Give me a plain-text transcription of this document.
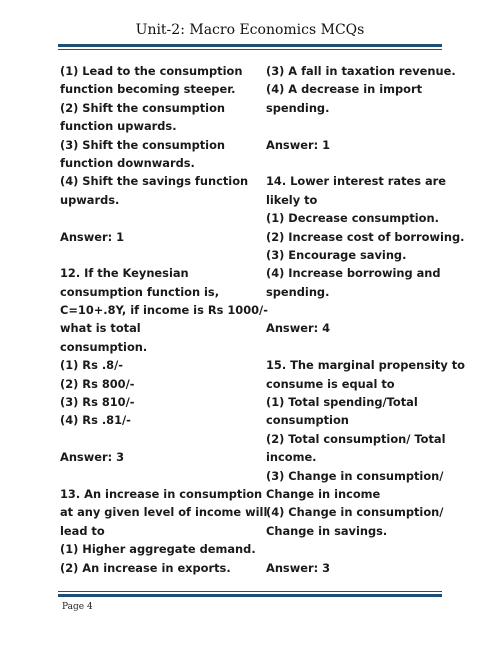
Unit-2: Macro Economics MCQs
(1) Lead to the consumption
function becoming steeper.
(2) Shift the consumption
function upwards.
(3) Shift the consumption
function downwards.
(4) Shift the savings function
upwards.
Answer: 1
12. If the Keynesian
consumption function is,
C=10+.8Y, if income is Rs 1000/-
what is total
consumption.
(1) Rs .8/-
(2) Rs 800/-
(3) Rs 810/-
(4) Rs .81/-
Answer: 3
13. An increase in consumption
at any given level of income will
lead to
(1) Higher aggregate demand.
(2) An increase in exports.
(3) A fall in taxation revenue.
(4) A decrease in import
spending.
Answer: 1
14. Lower interest rates are
likely to
(1) Decrease consumption.
(2) Increase cost of borrowing.
(3) Encourage saving.
(4) Increase borrowing and
spending.
Answer: 4
15. The marginal propensity to
consume is equal to
(1) Total spending/Total
consumption
(2) Total consumption/ Total
income.
(3) Change in consumption/
Change in income
(4) Change in consumption/
Change in savings.
Answer: 3
Page 4
